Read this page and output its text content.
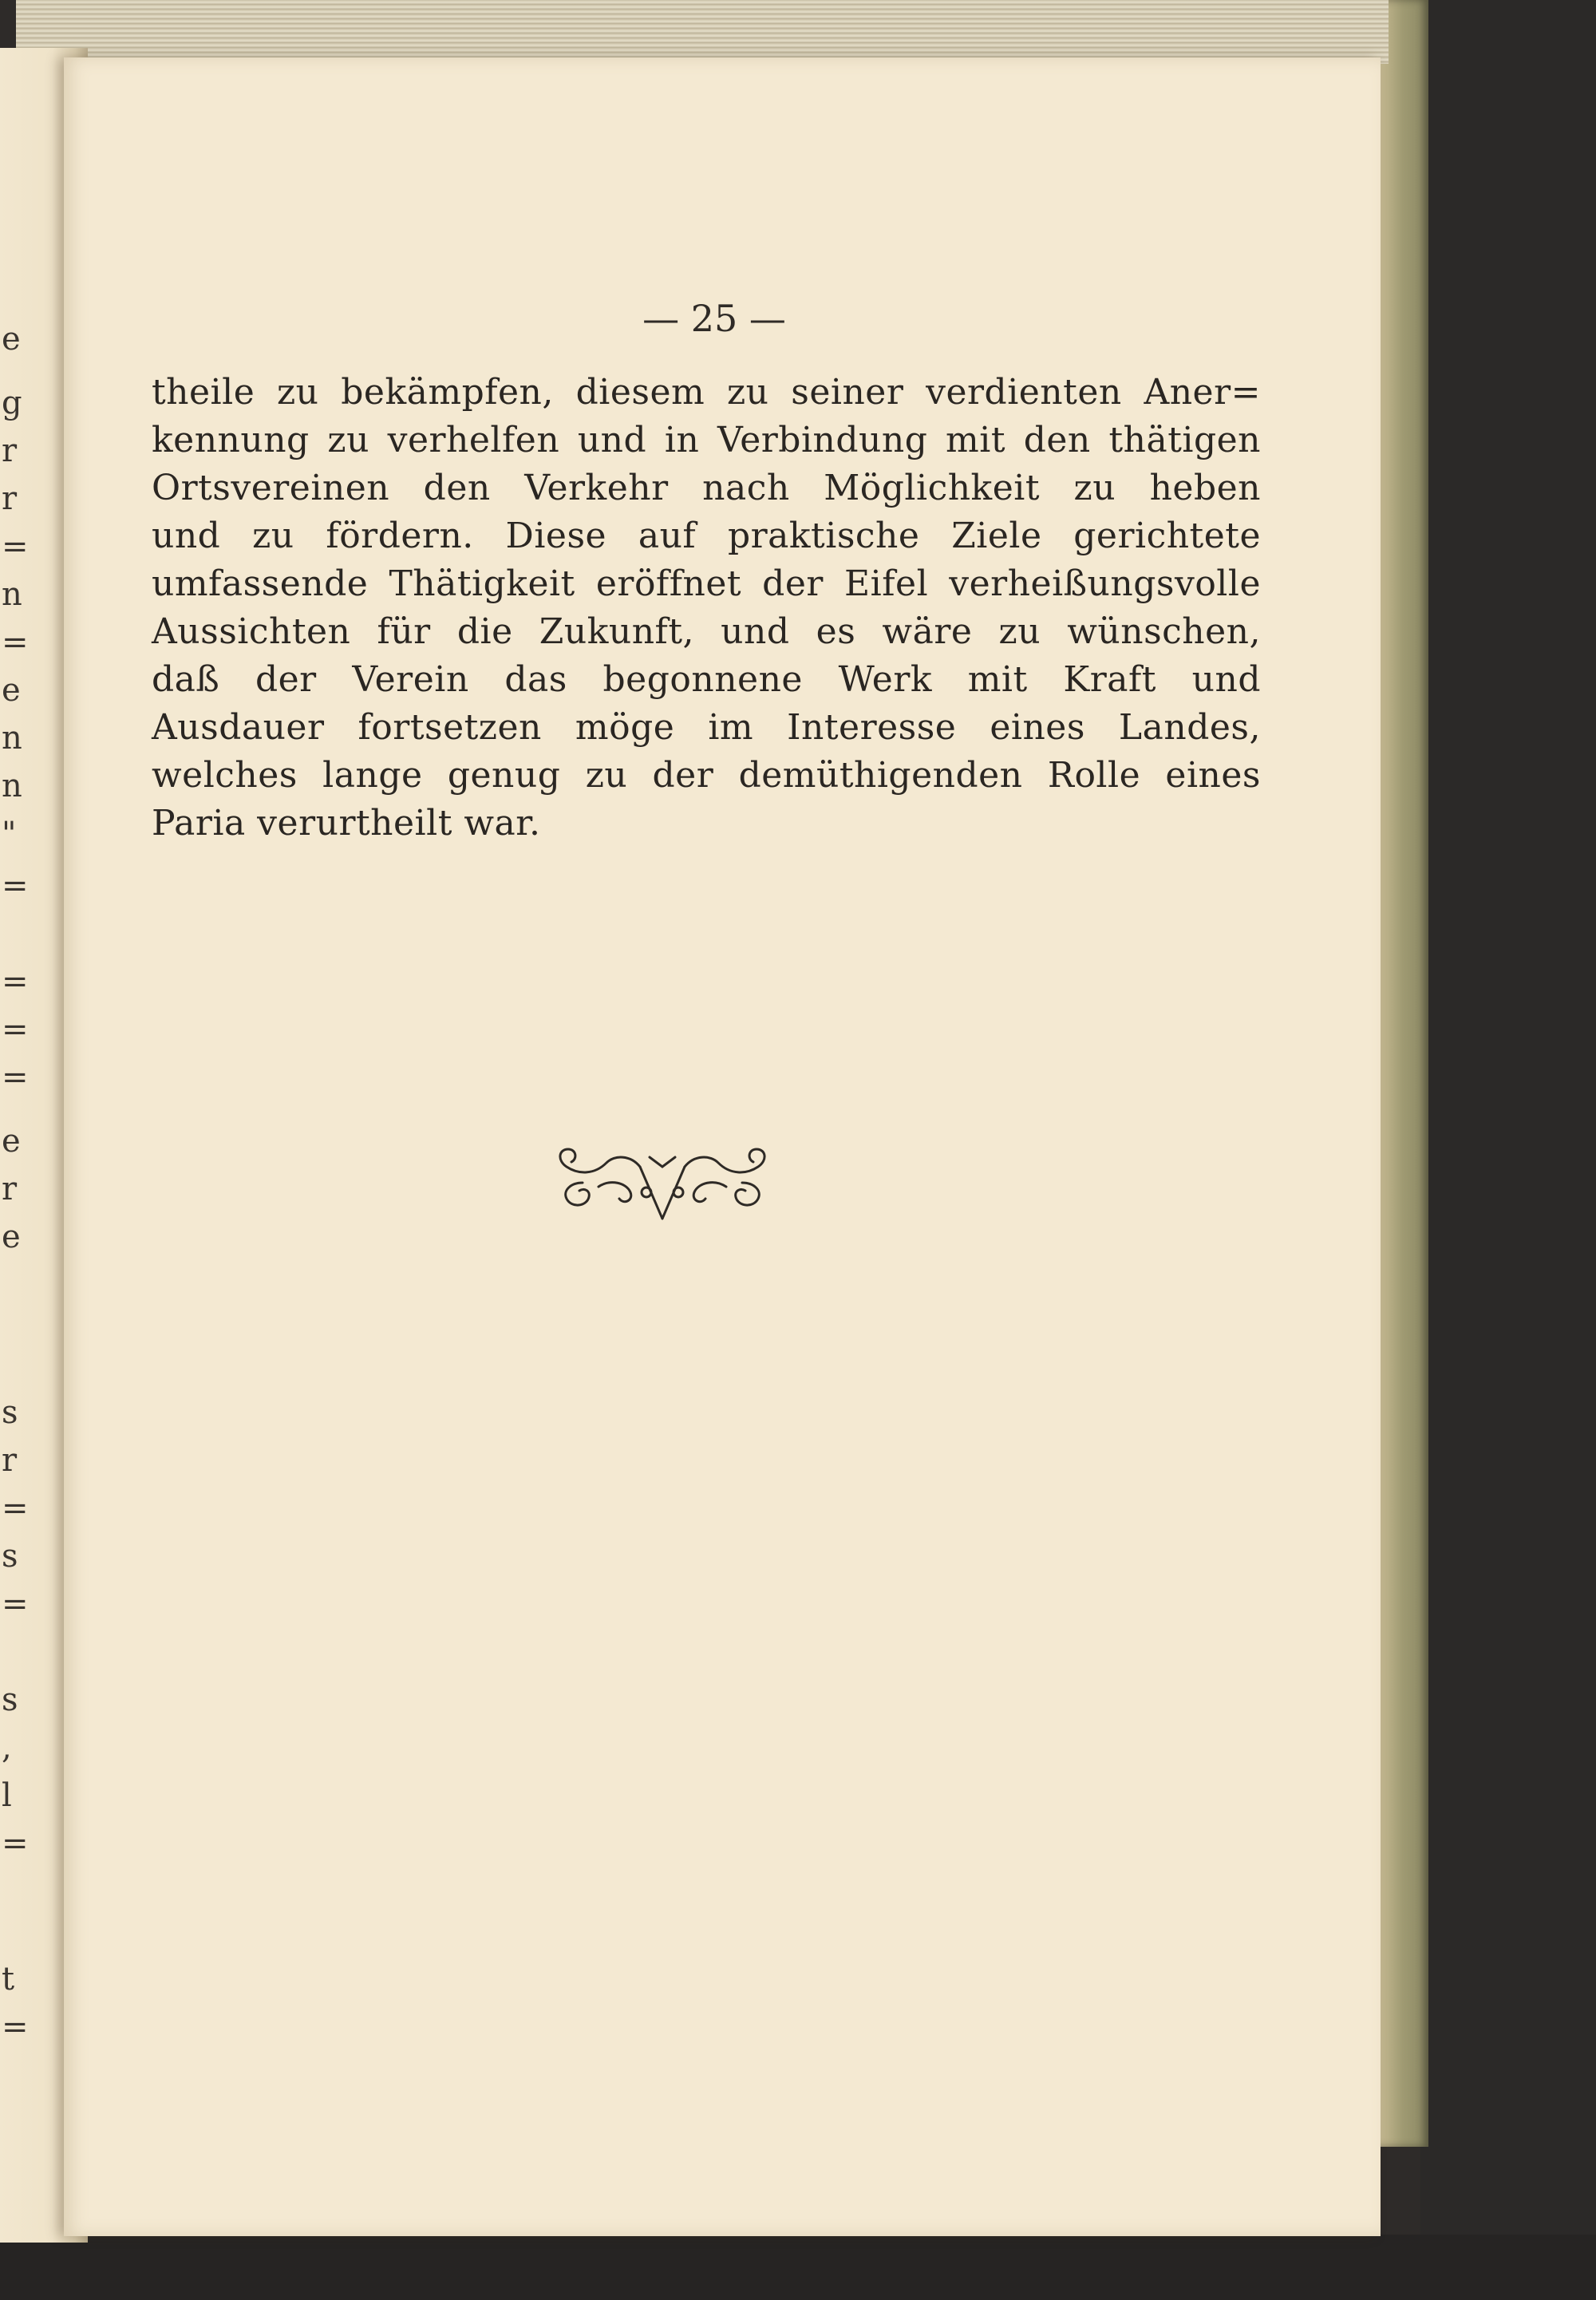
e
g
r
r
=
n
=
e
n
n
"
=
=
=
=
e
r
e
s
r
=
s
=
s
,
l
=
t
=
— 25 —
theile zu bekämpfen, diesem zu seiner verdienten Aner=
kennung zu verhelfen und in Verbindung mit den thätigen
Ortsvereinen den Verkehr nach Möglichkeit zu heben
und zu fördern. Diese auf praktische Ziele gerichtete
umfassende Thätigkeit eröffnet der Eifel verheißungsvolle
Aussichten für die Zukunft, und es wäre zu wünschen,
daß der Verein das begonnene Werk mit Kraft und
Ausdauer fortsetzen möge im Interesse eines Landes,
welches lange genug zu der demüthigenden Rolle eines
Paria verurtheilt war.
